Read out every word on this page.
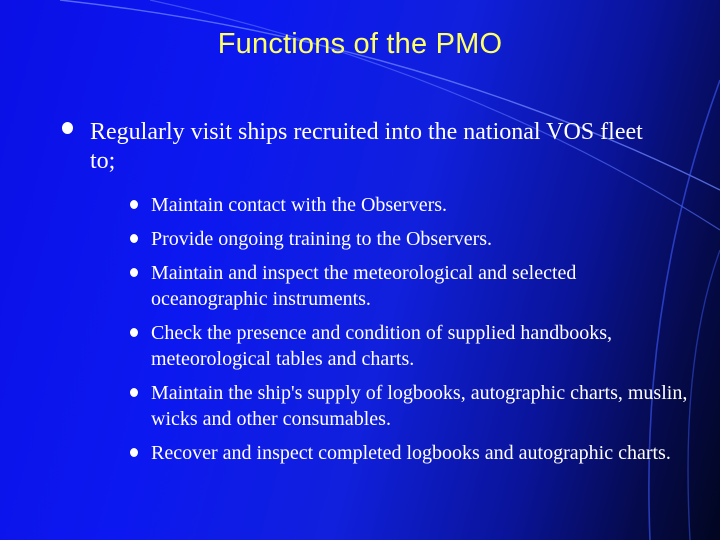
Functions of the PMO
Regularly visit ships recruited into the national VOS fleet to;
Maintain contact with the Observers.
Provide ongoing training to the Observers.
Maintain and inspect the meteorological and selected oceanographic instruments.
Check the presence and condition of supplied handbooks, meteorological tables and charts.
Maintain the ship's supply of logbooks, autographic charts, muslin, wicks and other consumables.
Recover and inspect completed logbooks and autographic charts.
